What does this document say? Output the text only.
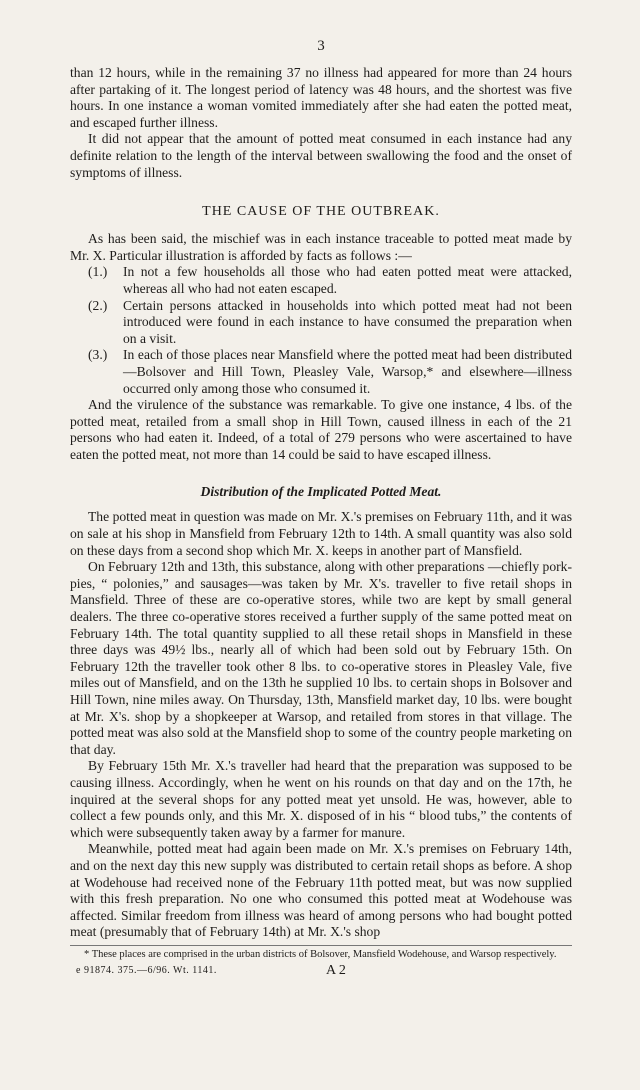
3

than 12 hours, while in the remaining 37 no illness had appeared for more than 24 hours after partaking of it. The longest period of latency was 48 hours, and the shortest was five hours. In one instance a woman vomited immediately after she had eaten the potted meat, and escaped further illness.

It did not appear that the amount of potted meat consumed in each instance had any definite relation to the length of the interval between swallowing the food and the onset of symptoms of illness.

THE CAUSE OF THE OUTBREAK.

As has been said, the mischief was in each instance traceable to potted meat made by Mr. X. Particular illustration is afforded by facts as follows :—

(1.) In not a few households all those who had eaten potted meat were attacked, whereas all who had not eaten escaped.
(2.) Certain persons attacked in households into which potted meat had not been introduced were found in each instance to have consumed the preparation when on a visit.
(3.) In each of those places near Mansfield where the potted meat had been distributed—Bolsover and Hill Town, Pleasley Vale, Warsop,* and elsewhere—illness occurred only among those who consumed it.

And the virulence of the substance was remarkable. To give one instance, 4 lbs. of the potted meat, retailed from a small shop in Hill Town, caused illness in each of the 21 persons who had eaten it. Indeed, of a total of 279 persons who were ascertained to have eaten the potted meat, not more than 14 could be said to have escaped illness.

Distribution of the Implicated Potted Meat.

The potted meat in question was made on Mr. X.'s premises on February 11th, and it was on sale at his shop in Mansfield from February 12th to 14th. A small quantity was also sold on these days from a second shop which Mr. X. keeps in another part of Mansfield.

On February 12th and 13th, this substance, along with other preparations —chiefly pork-pies, “ polonies,” and sausages—was taken by Mr. X's. traveller to five retail shops in Mansfield. Three of these are co-operative stores, while two are kept by small general dealers. The three co-operative stores received a further supply of the same potted meat on February 14th. The total quantity supplied to all these retail shops in Mansfield in these three days was 49½ lbs., nearly all of which had been sold out by February 15th. On February 12th the traveller took other 8 lbs. to co-operative stores in Pleasley Vale, five miles out of Mansfield, and on the 13th he supplied 10 lbs. to certain shops in Bolsover and Hill Town, nine miles away. On Thursday, 13th, Mansfield market day, 10 lbs. were bought at Mr. X's. shop by a shopkeeper at Warsop, and retailed from stores in that village. The potted meat was also sold at the Mansfield shop to some of the country people marketing on that day.

By February 15th Mr. X.'s traveller had heard that the preparation was supposed to be causing illness. Accordingly, when he went on his rounds on that day and on the 17th, he inquired at the several shops for any potted meat yet unsold. He was, however, able to collect a few pounds only, and this Mr. X. disposed of in his “ blood tubs,” the contents of which were subsequently taken away by a farmer for manure.

Meanwhile, potted meat had again been made on Mr. X.'s premises on February 14th, and on the next day this new supply was distributed to certain retail shops as before. A shop at Wodehouse had received none of the February 11th potted meat, but was now supplied with this fresh preparation. No one who consumed this potted meat at Wodehouse was affected. Similar freedom from illness was heard of among persons who had bought potted meat (presumably that of February 14th) at Mr. X.'s shop

* These places are comprised in the urban districts of Bolsover, Mansfield Wodehouse, and Warsop respectively.

e 91874. 375.—6/96. Wt. 1141.	A 2
